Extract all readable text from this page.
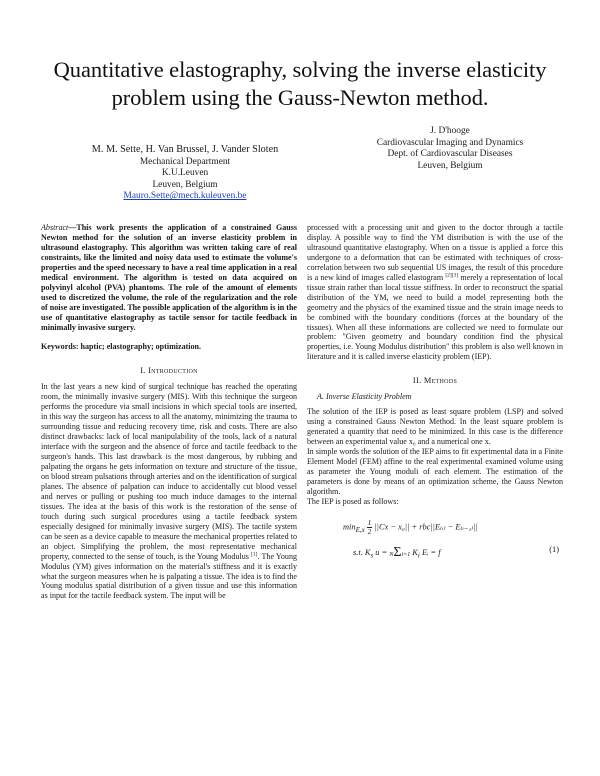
Quantitative elastography, solving the inverse elasticity problem using the Gauss-Newton method.
M. M. Sette, H. Van Brussel, J. Vander Sloten
Mechanical Department
K.U.Leuven
Leuven, Belgium
Mauro.Sette@mech.kuleuven.be
J. D'hooge
Cardiovascular Imaging and Dynamics
Dept. of Cardiovascular Diseases
Leuven, Belgium

Abstract—This work presents the application of a constrained Gauss Newton method for the solution of an inverse elasticity problem in ultrasound elastography. This algorithm was written taking care of real constraints, like the limited and noisy data used to estimate the volume's properties and the speed necessary to have a real time application in a real medical environment. The algorithm is tested on data acquired on polyvinyl alcohol (PVA) phantoms. The role of the amount of elements used to discretized the volume, the role of the regularization and the role of noise are investigated. The possible application of the algorithm is in the use of quantitative elastography as tactile sensor for tactile feedback in minimally invasive surgery.

Keywords: haptic; elastography; optimization.

I. Introduction

In the last years a new kind of surgical technique has reached the operating room, the minimally invasive surgery (MIS). With this technique the surgeon performs the procedure via small incisions in which special tools are inserted, in this way the surgeon has access to all the anatomy, minimizing the trauma to surrounding tissue and reducing recovery time, risk and costs. There are also distinct drawbacks: lack of local manipulability of the tools, lack of a natural interface with the surgeon and the absence of force and tactile feedback to the surgeon's hands. This last drawback is the most dangerous, by rubbing and palpating the organs he gets information on texture and structure of the tissue, on blood stream pulsations through arteries and on the identification of surgical planes. The absence of palpation can induce to accidentally cut blood vessel and nerves or pulling or pushing too much induce damages to the internal tissues. The idea at the basis of this work is the restoration of the sense of touch during such surgical procedures using a tactile feedback system especially designed for minimally invasive surgery (MIS). The tactile system can be seen as a device capable to measure the mechanical properties related to an object. Simplifying the problem, the most representative mechanical property, connected to the sense of touch, is the Young Modulus [1]. The Young Modulus (YM) gives information on the material's stiffness and it is exactly what the surgeon measures when he is palpating a tissue. The idea is to find the Young modulus spatial distribution of a given tissue and use this information as input for the tactile feedback system. The input will be

processed with a processing unit and given to the doctor through a tactile display. A possible way to find the YM distribution is with the use of the ultrasound quantitative elastography. When on a tissue is applied a force this undergone to a deformation that can be estimated with techniques of cross-correlation between two sub sequential US images, the result of this procedure is a new kind of images called elastogram [2][3] merely a representation of local tissue strain rather than local tissue stiffness. In order to reconstruct the spatial distribution of the YM, we need to build a model representing both the geometry and the physics of the examined tissue and the strain image needs to be combined with the boundary conditions (forces at the boundary of the tissues). When all these informations are collected we need to formulate our problem: "Given geometry and boundary condition find the physical properties, i.e. Young Modulus distribution" this problem is also well known in literature and it is called inverse elasticity problem (IEP).

II. Methods
A. Inverse Elasticity Problem

The solution of the IEP is posed as least square problem (LSP) and solved using a constrained Gauss Newton Method. In the least square problem is generated a quantity that need to be minimized. In this case is the difference between an experimental value x₀ and a numerical one x.

In simple words the solution of the IEP aims to fit experimental data in a Finite Element Model (FEM) affine to the real experimental examined volume using as parameter the Young moduli of each element. The estimation of the parameters is done by means of an optimization scheme, the Gauss Newton algorithm.

The IEP is posed as follows:

$\min_{E,x} \frac{1}{2} ||Cx - x_0||$ + rbc||E₍ᵢ₎ − E₍ᵢ₋₁₎||
s.t. $K_s$ u = NΣi=1 $K_i$ Eᵢ = f	(1)
